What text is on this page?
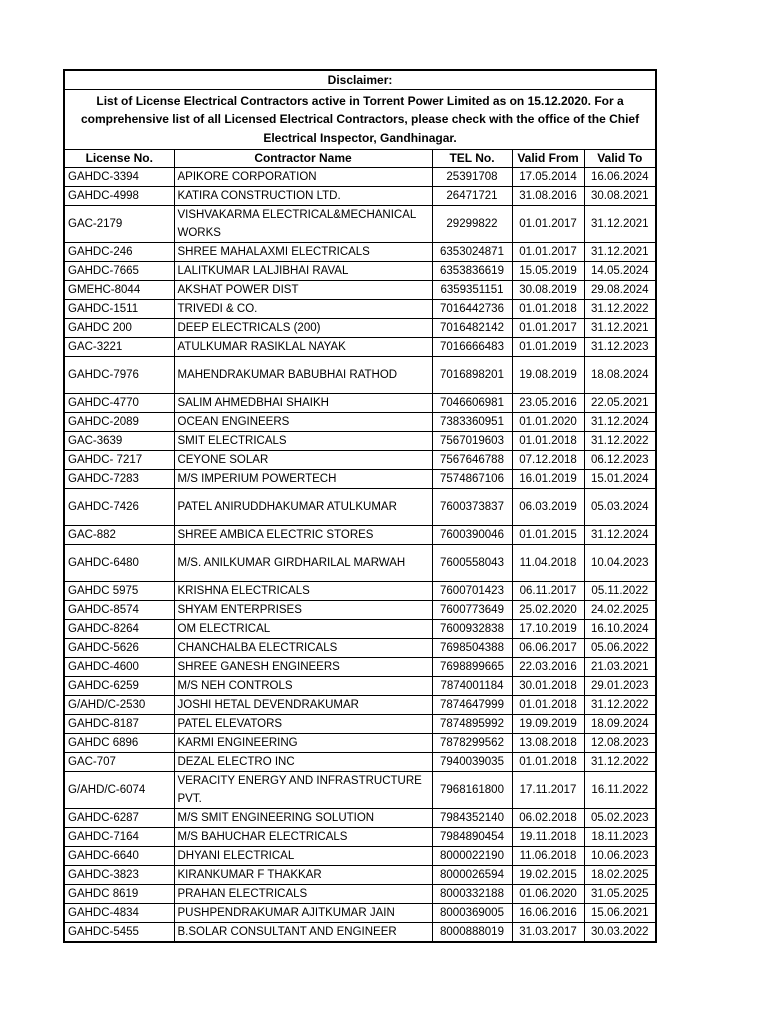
Disclaimer:				
List of License Electrical Contractors active in Torrent Power Limited as on 15.12.2020. For a comprehensive list of all Licensed Electrical Contractors, please check with the office of the Chief Electrical Inspector, Gandhinagar.				
License No.	Contractor Name	TEL No.	Valid From	Valid To
GAHDC-3394	APIKORE CORPORATION	25391708	17.05.2014	16.06.2024
GAHDC-4998	KATIRA CONSTRUCTION LTD.	26471721	31.08.2016	30.08.2021
GAC-2179	VISHVAKARMA ELECTRICAL&MECHANICAL WORKS	29299822	01.01.2017	31.12.2021
GAHDC-246	SHREE MAHALAXMI ELECTRICALS	6353024871	01.01.2017	31.12.2021
GAHDC-7665	LALITKUMAR LALJIBHAI RAVAL	6353836619	15.05.2019	14.05.2024
GMEHC-8044	AKSHAT POWER DIST	6359351151	30.08.2019	29.08.2024
GAHDC-1511	TRIVEDI & CO.	7016442736	01.01.2018	31.12.2022
GAHDC 200	DEEP ELECTRICALS (200)	7016482142	01.01.2017	31.12.2021
GAC-3221	ATULKUMAR RASIKLAL NAYAK	7016666483	01.01.2019	31.12.2023
GAHDC-7976	MAHENDRAKUMAR BABUBHAI RATHOD	7016898201	19.08.2019	18.08.2024
GAHDC-4770	SALIM AHMEDBHAI SHAIKH	7046606981	23.05.2016	22.05.2021
GAHDC-2089	OCEAN ENGINEERS	7383360951	01.01.2020	31.12.2024
GAC-3639	SMIT ELECTRICALS	7567019603	01.01.2018	31.12.2022
GAHDC- 7217	CEYONE SOLAR	7567646788	07.12.2018	06.12.2023
GAHDC-7283	M/S IMPERIUM POWERTECH	7574867106	16.01.2019	15.01.2024
GAHDC-7426	PATEL ANIRUDDHAKUMAR ATULKUMAR	7600373837	06.03.2019	05.03.2024
GAC-882	SHREE AMBICA ELECTRIC STORES	7600390046	01.01.2015	31.12.2024
GAHDC-6480	M/S. ANILKUMAR GIRDHARILAL MARWAH	7600558043	11.04.2018	10.04.2023
GAHDC 5975	KRISHNA ELECTRICALS	7600701423	06.11.2017	05.11.2022
GAHDC-8574	SHYAM ENTERPRISES	7600773649	25.02.2020	24.02.2025
GAHDC-8264	OM ELECTRICAL	7600932838	17.10.2019	16.10.2024
GAHDC-5626	CHANCHALBA ELECTRICALS	7698504388	06.06.2017	05.06.2022
GAHDC-4600	SHREE GANESH ENGINEERS	7698899665	22.03.2016	21.03.2021
GAHDC-6259	M/S NEH CONTROLS	7874001184	30.01.2018	29.01.2023
G/AHD/C-2530	JOSHI HETAL DEVENDRAKUMAR	7874647999	01.01.2018	31.12.2022
GAHDC-8187	PATEL ELEVATORS	7874895992	19.09.2019	18.09.2024
GAHDC 6896	KARMI ENGINEERING	7878299562	13.08.2018	12.08.2023
GAC-707	DEZAL ELECTRO INC	7940039035	01.01.2018	31.12.2022
G/AHD/C-6074	VERACITY ENERGY AND INFRASTRUCTURE PVT.	7968161800	17.11.2017	16.11.2022
GAHDC-6287	M/S SMIT ENGINEERING SOLUTION	7984352140	06.02.2018	05.02.2023
GAHDC-7164	M/S BAHUCHAR ELECTRICALS	7984890454	19.11.2018	18.11.2023
GAHDC-6640	DHYANI ELECTRICAL	8000022190	11.06.2018	10.06.2023
GAHDC-3823	KIRANKUMAR F THAKKAR	8000026594	19.02.2015	18.02.2025
GAHDC 8619	PRAHAN ELECTRICALS	8000332188	01.06.2020	31.05.2025
GAHDC-4834	PUSHPENDRAKUMAR AJITKUMAR JAIN	8000369005	16.06.2016	15.06.2021
GAHDC-5455	B.SOLAR CONSULTANT AND ENGINEER	8000888019	31.03.2017	30.03.2022
